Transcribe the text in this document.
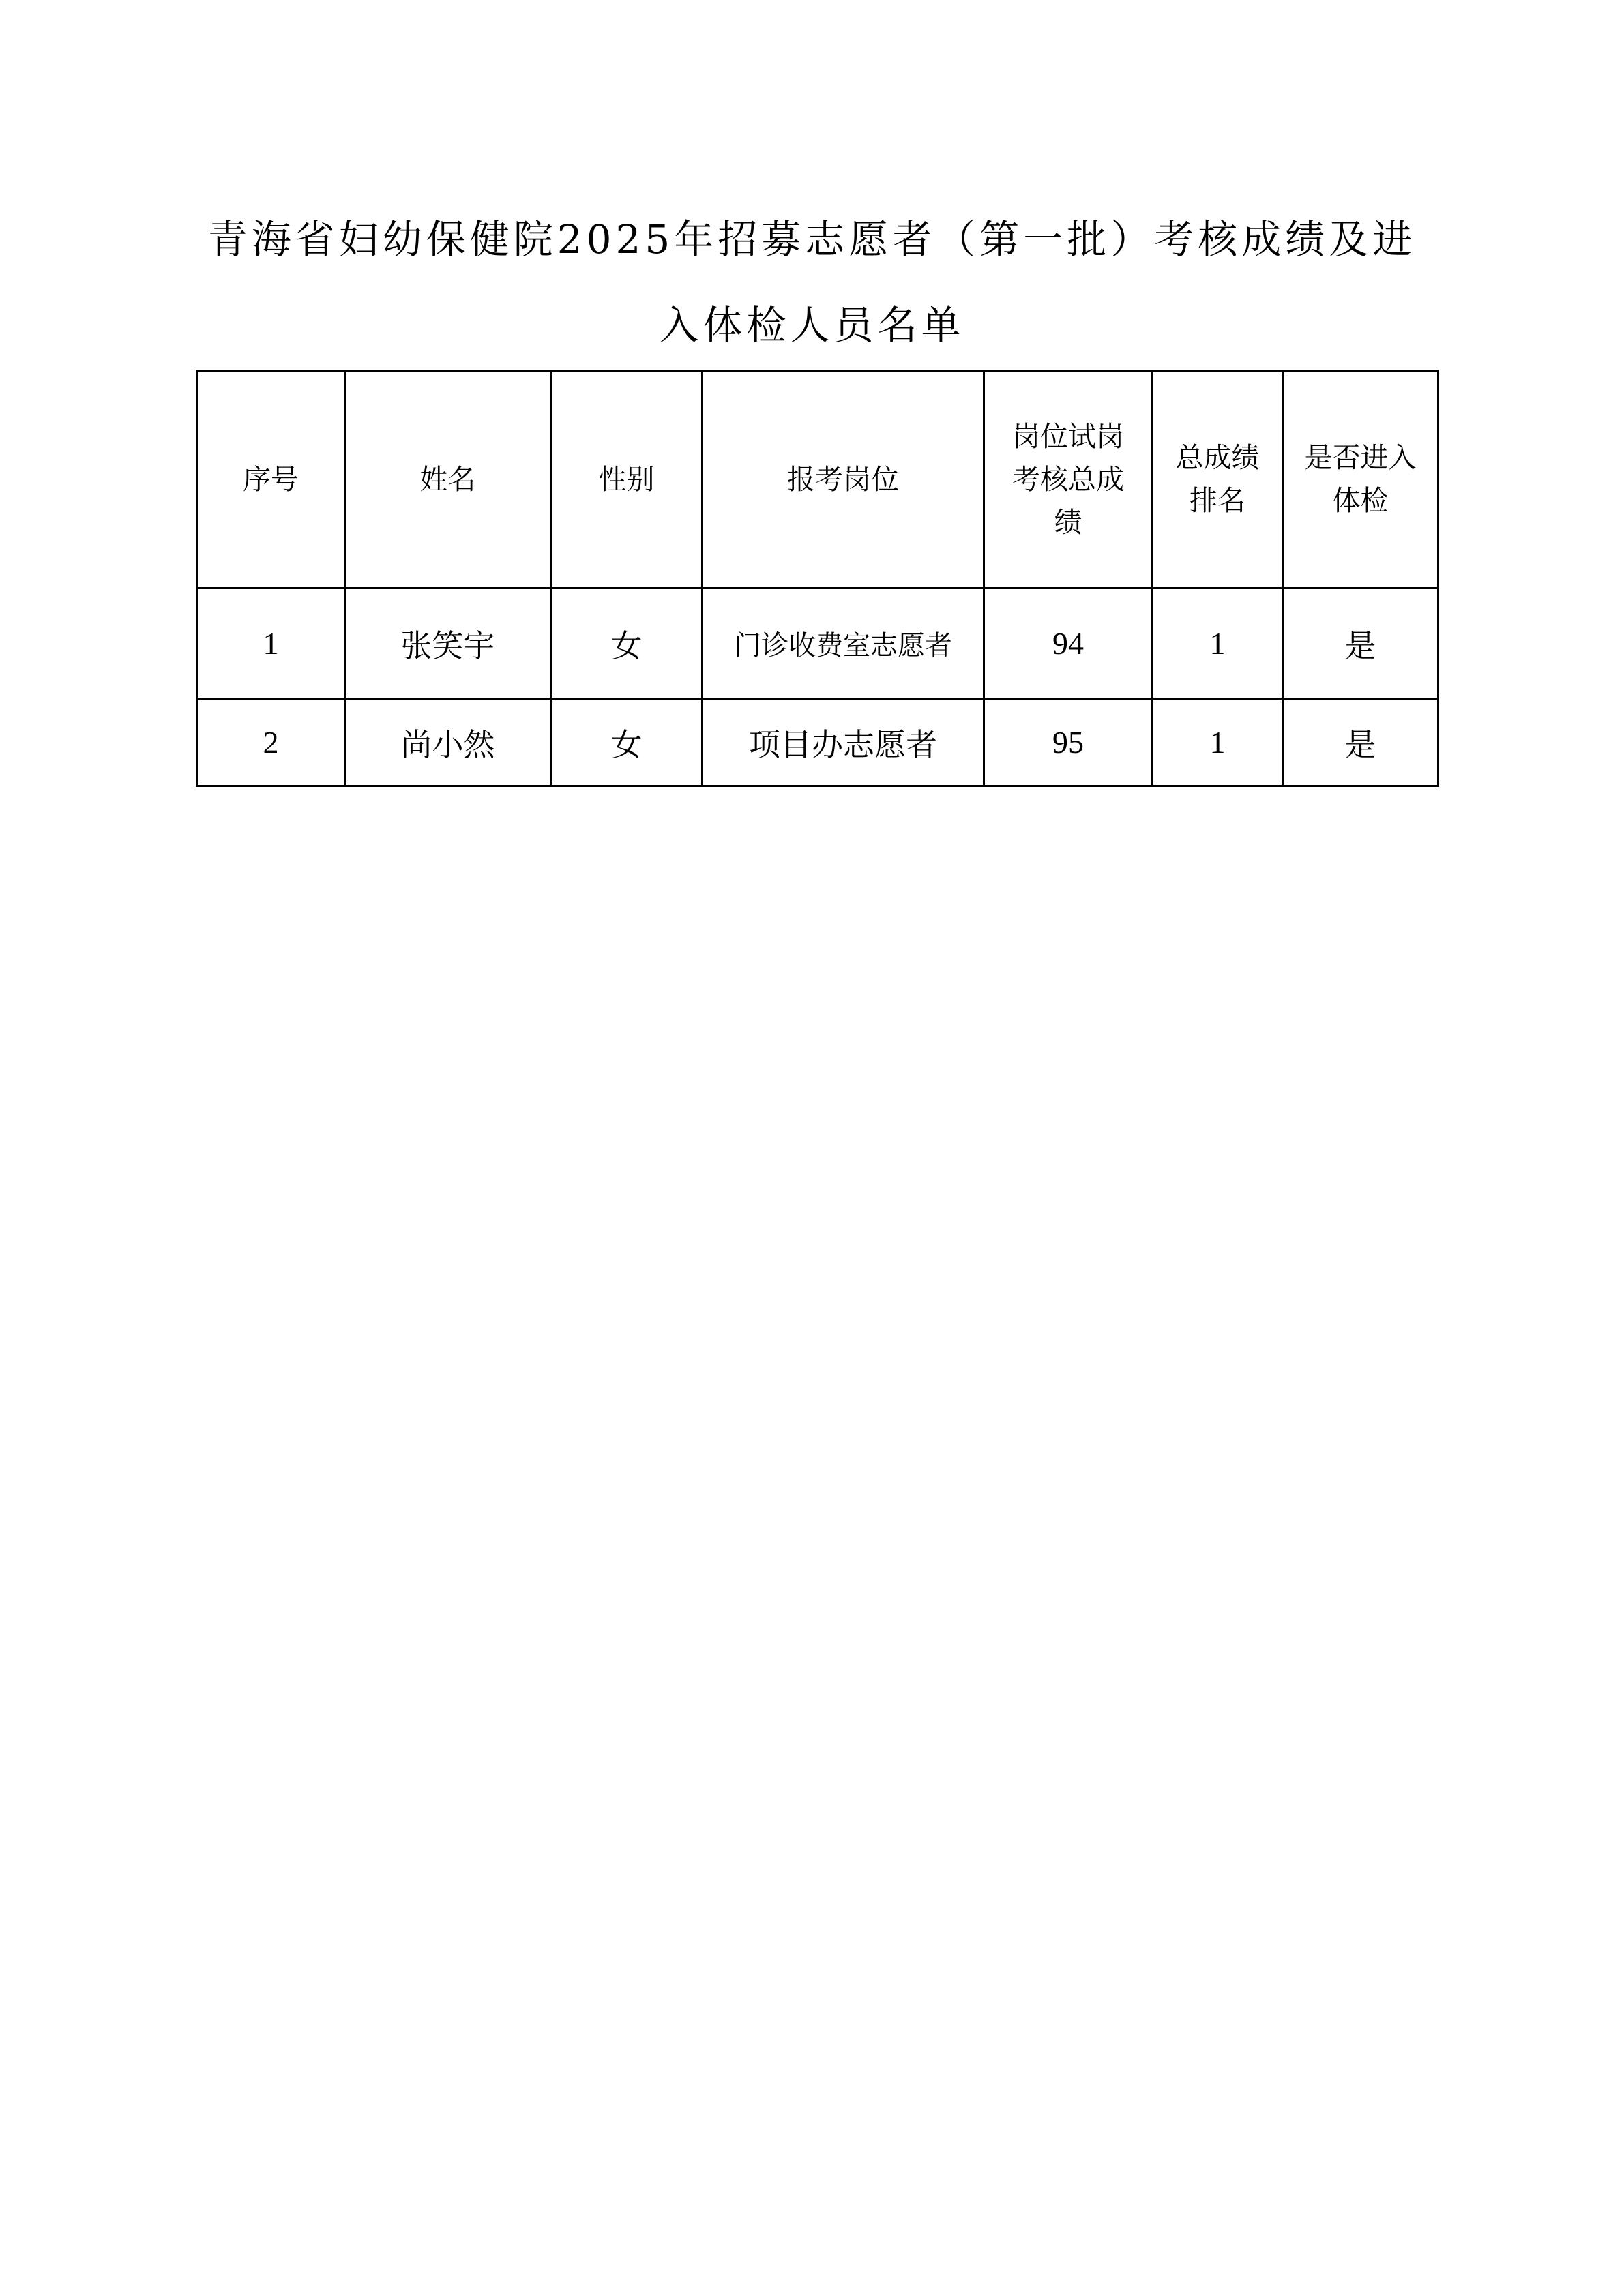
青海省妇幼保健院2025年招募志愿者（第一批）考核成绩及进
入体检人员名单
序号	姓名	性别	报考岗位	岗位试岗考核总成绩	总成绩排名	是否进入体检
1	张笑宇	女	门诊收费室志愿者	94	1	是
2	尚小然	女	项目办志愿者	95	1	是
